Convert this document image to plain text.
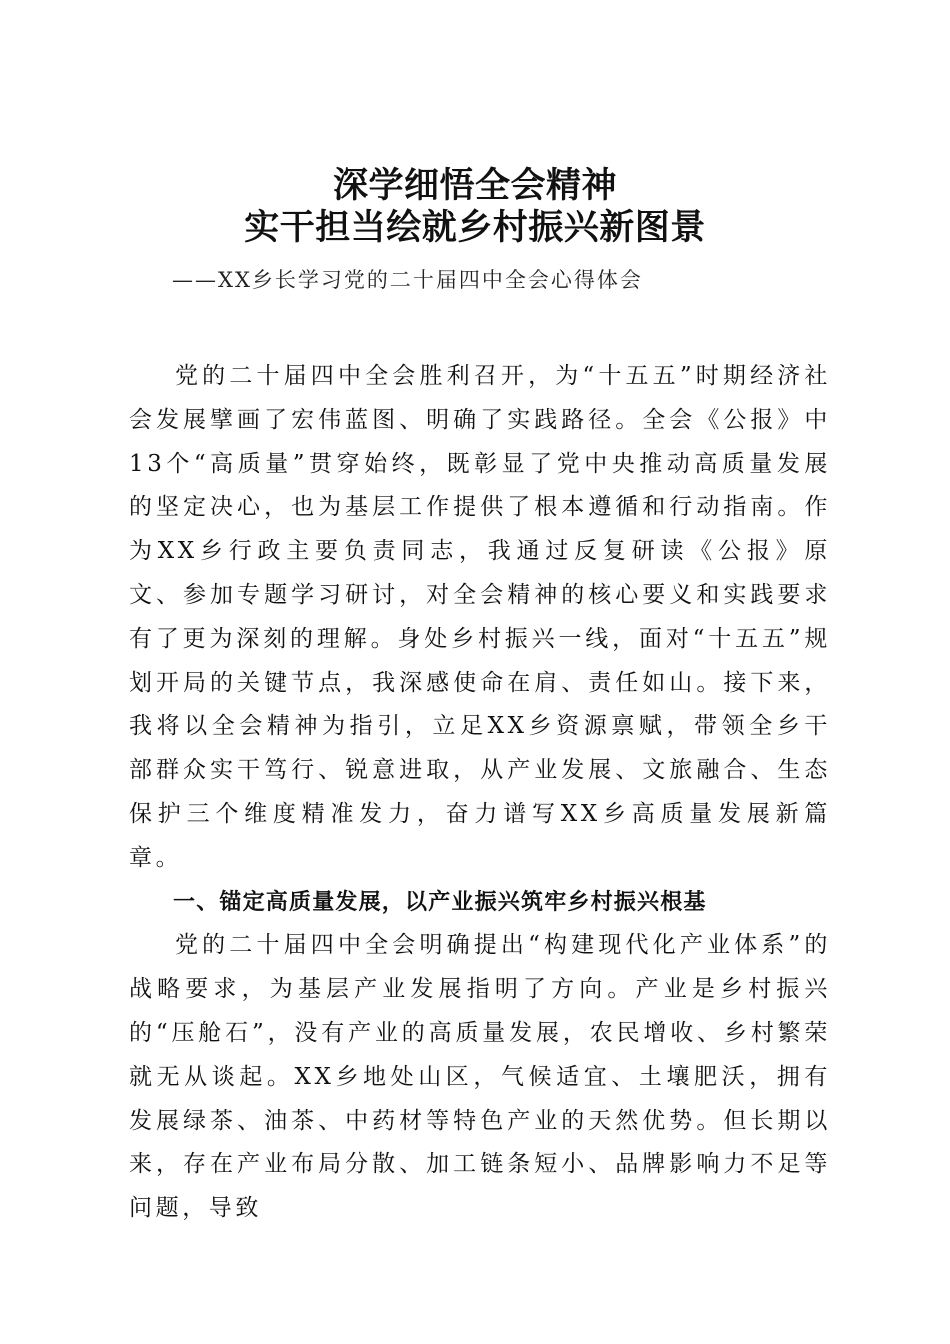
深学细悟全会精神
实干担当绘就乡村振兴新图景
——XX乡长学习党的二十届四中全会心得体会

党的二十届四中全会胜利召开，为“十五五”时期经济社会发展擘画了宏伟蓝图、明确了实践路径。全会《公报》中13个“高质量”贯穿始终，既彰显了党中央推动高质量发展的坚定决心，也为基层工作提供了根本遵循和行动指南。作为XX乡行政主要负责同志，我通过反复研读《公报》原文、参加专题学习研讨，对全会精神的核心要义和实践要求有了更为深刻的理解。身处乡村振兴一线，面对“十五五”规划开局的关键节点，我深感使命在肩、责任如山。接下来，我将以全会精神为指引，立足XX乡资源禀赋，带领全乡干部群众实干笃行、锐意进取，从产业发展、文旅融合、生态保护三个维度精准发力，奋力谱写XX乡高质量发展新篇章。

一、锚定高质量发展，以产业振兴筑牢乡村振兴根基

党的二十届四中全会明确提出“构建现代化产业体系”的战略要求，为基层产业发展指明了方向。产业是乡村振兴的“压舱石”，没有产业的高质量发展，农民增收、乡村繁荣就无从谈起。XX乡地处山区，气候适宜、土壤肥沃，拥有发展绿茶、油茶、中药材等特色产业的天然优势。但长期以来，存在产业布局分散、加工链条短小、品牌影响力不足等问题，导致
